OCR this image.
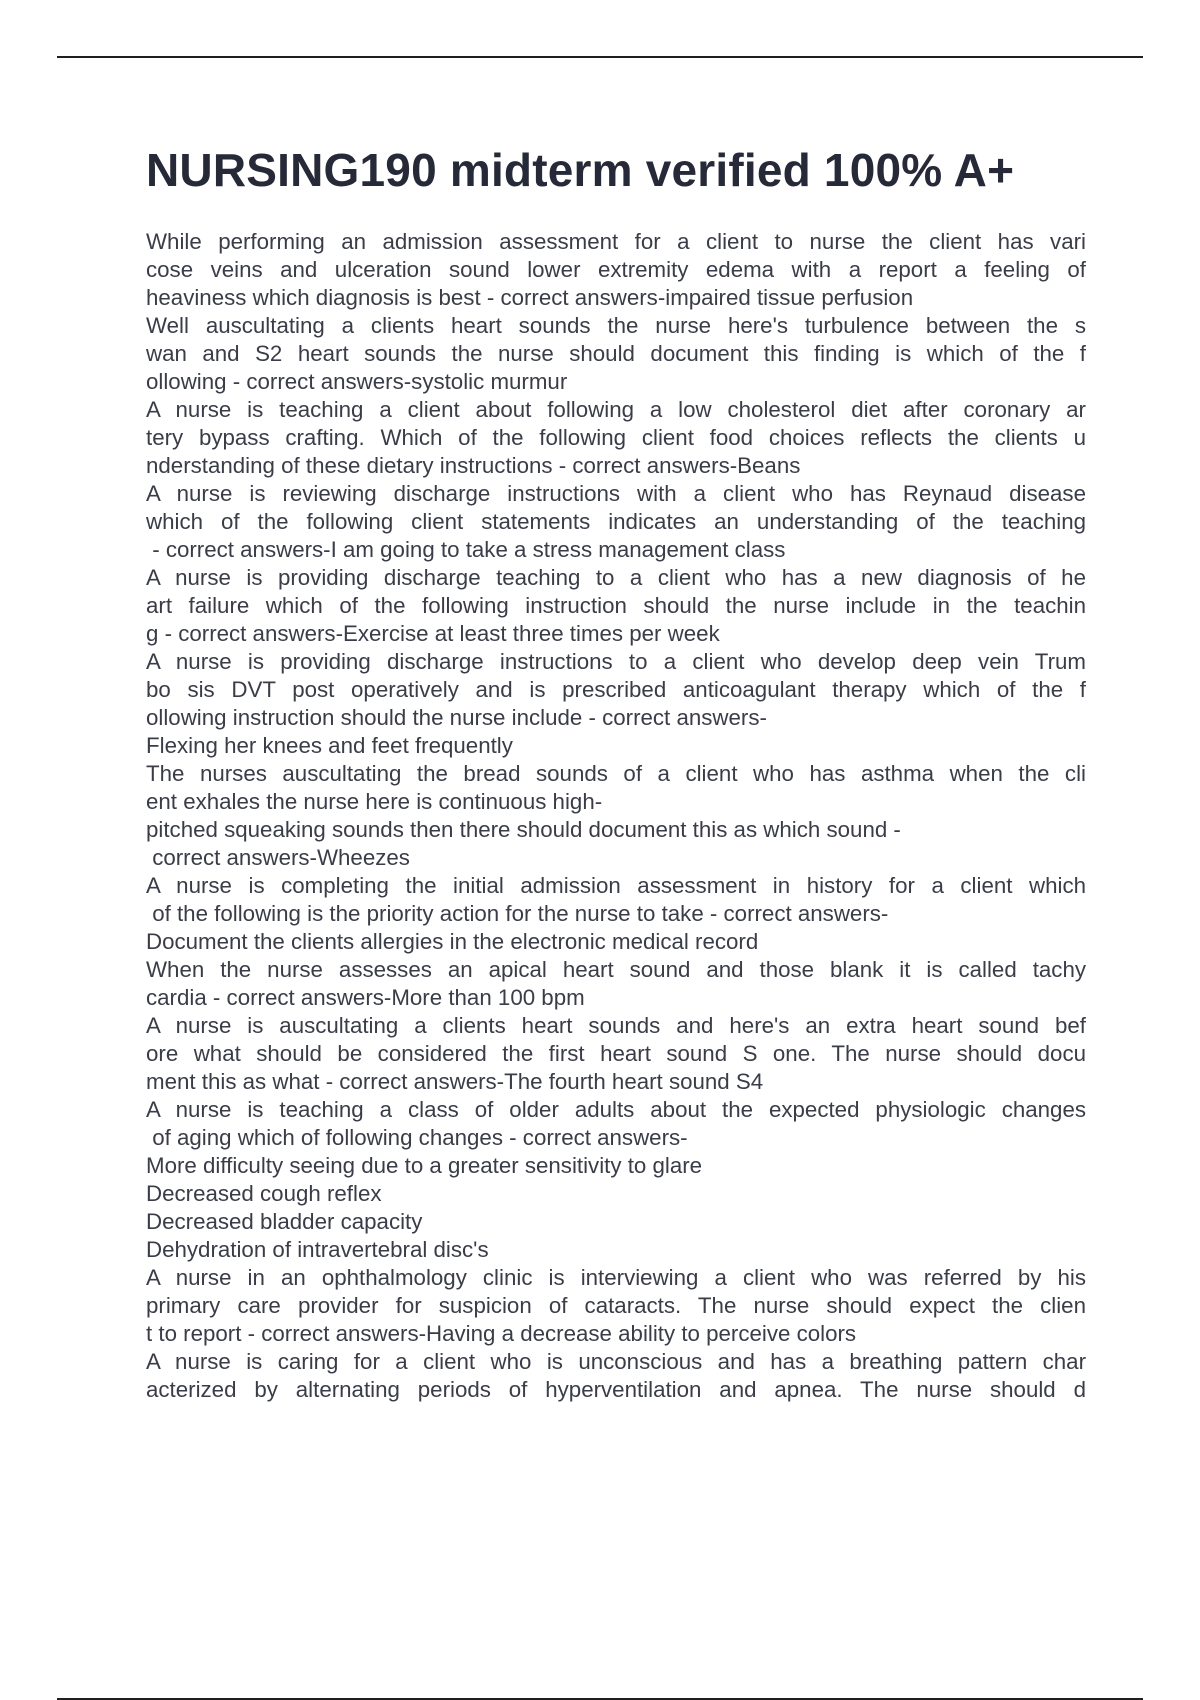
NURSING190 midterm verified 100% A+
While performing an admission assessment for a client to nurse the client has vari
cose veins and ulceration sound lower extremity edema with a report a feeling of
heaviness which diagnosis is best - correct answers-impaired tissue perfusion
Well auscultating a clients heart sounds the nurse here's turbulence between the s
wan and S2 heart sounds the nurse should document this finding is which of the f
ollowing - correct answers-systolic murmur
A nurse is teaching a client about following a low cholesterol diet after coronary ar
tery bypass crafting. Which of the following client food choices reflects the clients u
nderstanding of these dietary instructions - correct answers-Beans
A nurse is reviewing discharge instructions with a client who has Reynaud disease
which of the following client statements indicates an understanding of the teaching
- correct answers-I am going to take a stress management class
A nurse is providing discharge teaching to a client who has a new diagnosis of he
art failure which of the following instruction should the nurse include in the teachin
g - correct answers-Exercise at least three times per week
A nurse is providing discharge instructions to a client who develop deep vein Trum
bo sis DVT post operatively and is prescribed anticoagulant therapy which of the f
ollowing instruction should the nurse include - correct answers-
Flexing her knees and feet frequently
The nurses auscultating the bread sounds of a client who has asthma when the cli
ent exhales the nurse here is continuous high-
pitched squeaking sounds then there should document this as which sound -
correct answers-Wheezes
A nurse is completing the initial admission assessment in history for a client which
of the following is the priority action for the nurse to take - correct answers-
Document the clients allergies in the electronic medical record
When the nurse assesses an apical heart sound and those blank it is called tachy
cardia - correct answers-More than 100 bpm
A nurse is auscultating a clients heart sounds and here's an extra heart sound bef
ore what should be considered the first heart sound S one. The nurse should docu
ment this as what - correct answers-The fourth heart sound S4
A nurse is teaching a class of older adults about the expected physiologic changes
of aging which of following changes - correct answers-
More difficulty seeing due to a greater sensitivity to glare
Decreased cough reflex
Decreased bladder capacity
Dehydration of intravertebral disc's
A nurse in an ophthalmology clinic is interviewing a client who was referred by his
primary care provider for suspicion of cataracts. The nurse should expect the clien
t to report - correct answers-Having a decrease ability to perceive colors
A nurse is caring for a client who is unconscious and has a breathing pattern char
acterized by alternating periods of hyperventilation and apnea. The nurse should d
